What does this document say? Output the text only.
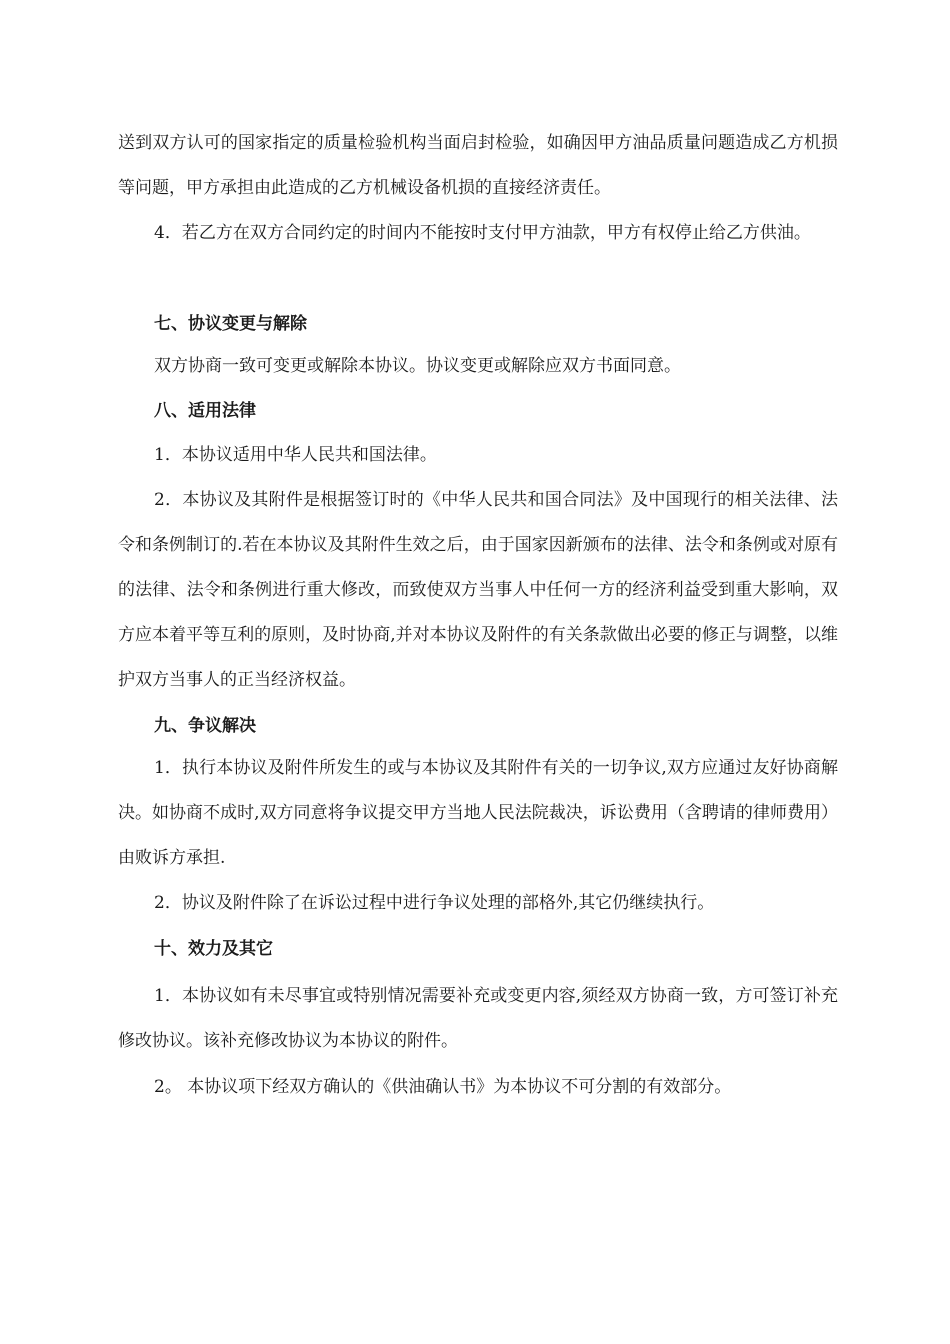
送到双方认可的国家指定的质量检验机构当面启封检验，如确因甲方油品质量问题造成乙方机损等问题，甲方承担由此造成的乙方机械设备机损的直接经济责任。

4．若乙方在双方合同约定的时间内不能按时支付甲方油款，甲方有权停止给乙方供油。

七、协议变更与解除

双方协商一致可变更或解除本协议。协议变更或解除应双方书面同意。

八、适用法律

1．本协议适用中华人民共和国法律。

2．本协议及其附件是根据签订时的《中华人民共和国合同法》及中国现行的相关法律、法令和条例制订的.若在本协议及其附件生效之后，由于国家因新颁布的法律、法令和条例或对原有的法律、法令和条例进行重大修改，而致使双方当事人中任何一方的经济利益受到重大影响，双方应本着平等互利的原则，及时协商,并对本协议及附件的有关条款做出必要的修正与调整，以维护双方当事人的正当经济权益。

九、争议解决

1．执行本协议及附件所发生的或与本协议及其附件有关的一切争议,双方应通过友好协商解决。如协商不成时,双方同意将争议提交甲方当地人民法院裁决，诉讼费用（含聘请的律师费用）由败诉方承担.

2．协议及附件除了在诉讼过程中进行争议处理的部格外,其它仍继续执行。

十、效力及其它

1．本协议如有未尽事宜或特别情况需要补充或变更内容,须经双方协商一致，方可签订补充修改协议。该补充修改协议为本协议的附件。

2。 本协议项下经双方确认的《供油确认书》为本协议不可分割的有效部分。
